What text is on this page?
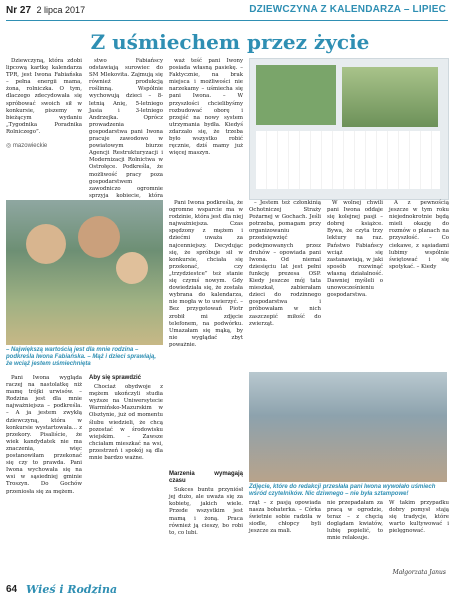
Nr 27 2 lipca 2017	DZIEWCZYNA Z KALENDARZA – LIPIEC
Z uśmiechem przez życie

Dziewczyną, która zdobi lipcową kartkę kalendarza TPR, jest Iwona Fabiańska – pełna energii mama, żona, rolniczka. O tym, dlaczego zdecydowała się spróbować swoich sił w konkursie, piszemy w bieżącym wydaniu „Tygodnika Poradnika Rolniczego”.

◎ mazowieckie

stwo Fabiańscy odstawiają surowiec do SM Mlekovita. Zajmują się również produkcją roślinną. Wspólnie wychowują dzieci – 8-letnią Anię, 5-letniego Jasia i 3-letniego Andrzejka. Oprócz prowadzenia gospodarstwa pani Iwona pracuje zawodowo w powiatowym biurze Agencji Restrukturyzacji i Modernizacji Rolnictwa w Ostrołęce. Podkreśla, że możliwość pracy poza gospodarstwem zawodniczo ogromnie sprzyja kobiecie, która

waż teść pani Iwony posiada własną pasiekę. – Faktycznie, na brak miejsca i możliwości nie narzekamy – uśmiecha się pani Iwona. – W przyszłości chcielibyśmy rozbudować oborę i przejść na nowy system utrzymania bydła. Kiedyś zdarzało się, że trzeba było wszystko robić ręcznie, dziś mamy już więcej maszyn.

– Największą wartością jest dla mnie rodzina – podkreśla Iwona Fabiańska. – Mąż i dzieci sprawiają, że wciąż jestem uśmiechnięta

Pani Iwona wygląda raczej na nastolatkę niż mamę trójki urwisów. – Rodzina jest dla mnie najważniejsza – podkreśla. – A ja jestem zwykłą dziewczyną, która w konkursie wystartowała... z przekory. Pisaliście, że wiek kandydatek nie ma znaczenia, więc postanowiłam przekonać się czy to prawda. Pani Iwona wychowała się na wsi w sąsiedniej gminie Troszyn. Do Gochów przeniosła się za mężem.

Aby się sprawdzić

Chociaż obydwoje z mężem ukończyli studia wyższe na Uniwersytecie Warmińsko-Mazurskim w Olsztynie, już od momentu ślubu wiedzieli, że chcą pozostać w środowisku wiejskim. – Zawsze chciałam mieszkać na wsi, przestrzeń i spokój są dla mnie bardzo ważne.

Pani Iwona podkreśla, że ogromne wsparcie ma w rodzinie, która jest dla niej najważniejsza. Czas spędzony z mężem i dziećmi uważa za najcenniejszy. Decydując się, że spróbuje sił w konkursie, chciała się przekonać, czy „trzydziestce” też stanie się czymś nowym. Gdy dowiedziała się, że została wybrana do kalendarza, nie mogła w to uwierzyć. – Bez przygotowań Piotr zrobił mi zdjęcie telefonem, na podwórku. Umazałam się mąką, by nie wyglądać zbyt poważnie.

– Jestem też członkinią Ochotniczej Straży Pożarnej w Gochach. Jeśli potrzeba, pomagam przy organizowaniu przedsięwzięć podejmowanych przez druhów – opowiada pani Iwona. Od niemal dziesięciu lat jest pełni funkcję prezesa OSP. Kiedy jeszcze mój tata mieszkał, zabierałam dzieci do rodzinnego gospodarstwa i próbowałam w nich zaszczepić miłość do zwierząt.

W wolnej chwili pani Iwona oddaje się kolejnej pasji – dobrej książce. Bywa, że czyta trzy lektury na raz. Państwo Fabiańscy wciąż się zastanawiają, w jaki sposób rozwinąć własną działalność. Dawniej myśleli o unowocześnieniu gospodarstwa.

A z pewnością jeszcze w tym roku niejednokrotnie będą mieli okazję do rozmów o planach na przyszłość. – Co ciekawe, z sąsiadami lubimy wspólnie świętować i się spotykać. – Kiedy

Zdjęcie, które do redakcji przesłała pani Iwona wywołało uśmiech wśród czytelników. Nic dziwnego – nie była sztampowe!
Marzenia wymagają czasu

Sukces buntu przyniósł jej dużo, ale uważa się za kobietę, jakich wiele. Przede wszystkim jest mamą i żoną. Praca również ją cieszy, bo robi to, co lubi.

rząt – z pasją opowiada nasza bohaterka. – Córka świetnie sobie radziła w siodle, chłopcy byli jeszcze za mali.
nie przepadałam za pracą w ogrodzie, teraz – z chęcią doglądam kwiatów, lubię popielić, to mnie relaksuje.
W takim przypadku dobry pomysł stają się tradycje, które warto kultywować i pielęgnować.
Małgorzata Janus
64 Wieś i Rodzina
